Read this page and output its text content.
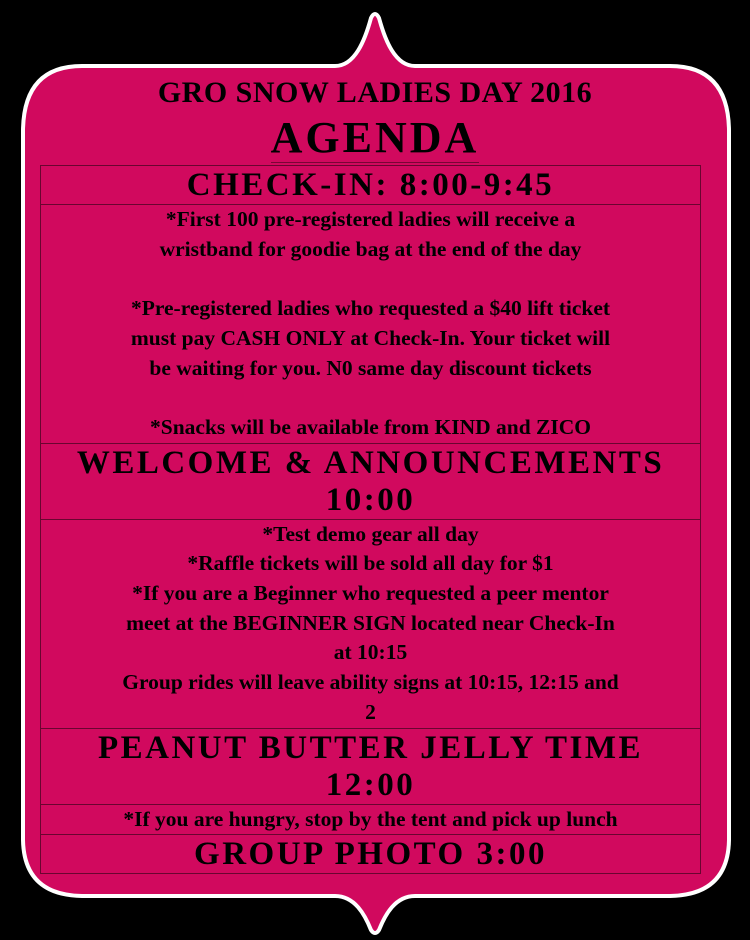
GRO SNOW LADIES DAY 2016
AGENDA
CHECK-IN: 8:00-9:45
*First 100 pre-registered ladies will receive a
wristband for goodie bag at the end of the day
*Pre-registered ladies who requested a $40 lift ticket
must pay CASH ONLY at Check-In. Your ticket will
be waiting for you. N0 same day discount tickets
*Snacks will be available from KIND and ZICO
WELCOME & ANNOUNCEMENTS
10:00
*Test demo gear all day
*Raffle tickets will be sold all day for $1
*If you are a Beginner who requested a peer mentor
meet at the BEGINNER SIGN located near Check-In
at 10:15
Group rides will leave ability signs at 10:15, 12:15 and
2
PEANUT BUTTER JELLY TIME
12:00
*If you are hungry, stop by the tent and pick up lunch
GROUP PHOTO 3:00
